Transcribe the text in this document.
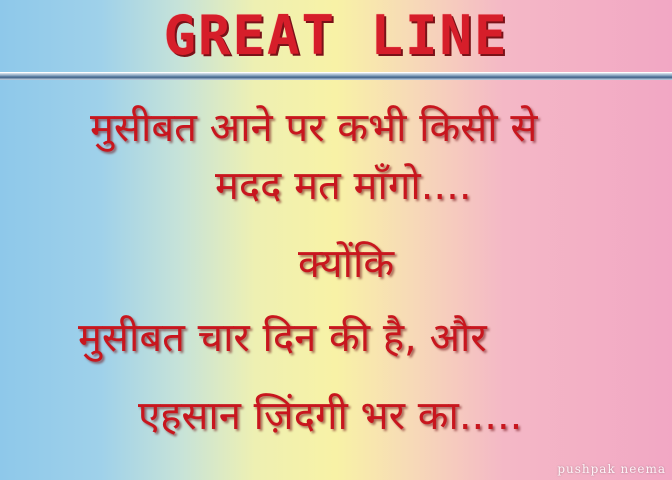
GREAT LINE
मुसीबत आने पर कभी किसी से
मदद मत माँगो....
क्योंकि
मुसीबत चार दिन की है, और
एहसान ज़िंदगी भर का.....
pushpak neema
